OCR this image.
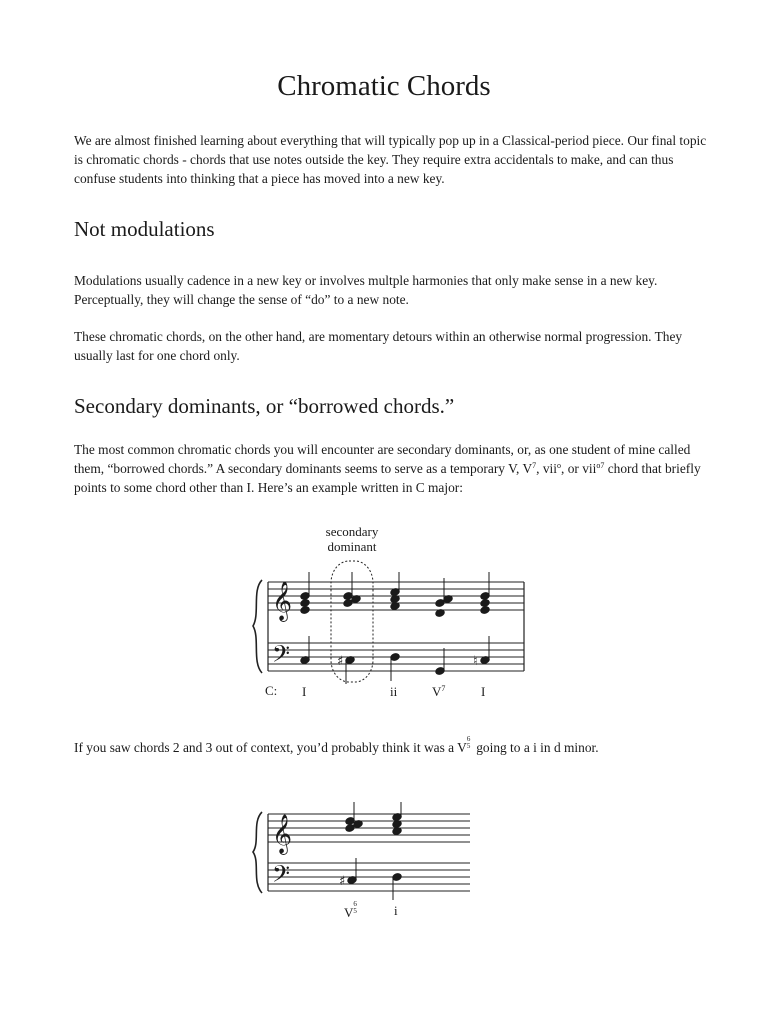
Chromatic Chords

We are almost finished learning about everything that will typically pop up in a Classical-period piece. Our final topic is chromatic chords - chords that use notes outside the key. They require extra accidentals to make, and can thus confuse students into thinking that a piece has moved into a new key.

Not modulations

Modulations usually cadence in a new key or involves multple harmonies that only make sense in a new key. Perceptually, they will change the sense of “do” to a new note.

These chromatic chords, on the other hand, are momentary detours within an otherwise normal progression. They usually last for one chord only.

Secondary dominants, or “borrowed chords.”

The most common chromatic chords you will encounter are secondary dominants, or, as one student of mine called them, “borrowed chords.” A secondary dominants seems to serve as a temporary V, $V^7$, vii$^o$, or vii$^{o7}$ chord that briefly points to some chord other than I. Here’s an example written in C major:

secondary
dominant
𝄞
𝄢	♯	♮
C: I	ii	$V^7$	I

If you saw chords 2 and 3 out of context, you’d probably think it was a V
6
5 going to a i in d minor.

𝄞
𝄢	♯
V
6
5	i
